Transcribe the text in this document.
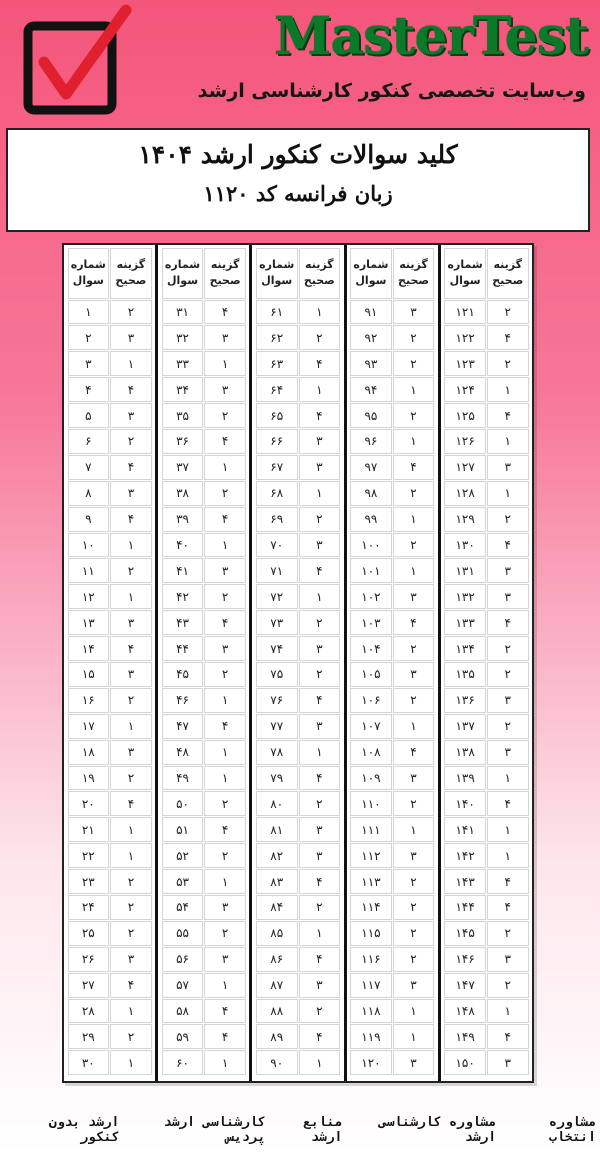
MasterTest

وب‌سایت تخصصی کنکور کارشناسی ارشد

کلید سوالات کنکور ارشد ۱۴۰۴
زبان فرانسه کد ۱۱۲۰
شماره سوال
گزینه صحیح
۱	۲
۲	۳
۳	۱
۴	۴
۵	۳
۶	۲
۷	۴
۸	۳
۹	۴
۱۰	۱
۱۱	۲
۱۲	۱
۱۳	۳
۱۴	۴
۱۵	۳
۱۶	۲
۱۷	۱
۱۸	۳
۱۹	۲
۲۰	۴
۲۱	۱
۲۲	۱
۲۳	۲
۲۴	۲
۲۵	۲
۲۶	۳
۲۷	۴
۲۸	۱
۲۹	۲
۳۰	۱
شماره سوال
گزینه صحیح
۳۱	۴
۳۲	۳
۳۳	۱
۳۴	۳
۳۵	۲
۳۶	۴
۳۷	۱
۳۸	۲
۳۹	۴
۴۰	۱
۴۱	۳
۴۲	۲
۴۳	۴
۴۴	۳
۴۵	۲
۴۶	۱
۴۷	۴
۴۸	۱
۴۹	۱
۵۰	۲
۵۱	۴
۵۲	۲
۵۳	۱
۵۴	۳
۵۵	۲
۵۶	۳
۵۷	۱
۵۸	۴
۵۹	۴
۶۰	۱
شماره سوال
گزینه صحیح
۶۱	۱
۶۲	۲
۶۳	۴
۶۴	۱
۶۵	۴
۶۶	۳
۶۷	۳
۶۸	۱
۶۹	۲
۷۰	۳
۷۱	۴
۷۲	۱
۷۳	۲
۷۴	۳
۷۵	۲
۷۶	۴
۷۷	۳
۷۸	۱
۷۹	۴
۸۰	۲
۸۱	۳
۸۲	۳
۸۳	۴
۸۴	۲
۸۵	۱
۸۶	۴
۸۷	۳
۸۸	۲
۸۹	۴
۹۰	۱
شماره سوال
گزینه صحیح
۹۱	۳
۹۲	۲
۹۳	۲
۹۴	۱
۹۵	۲
۹۶	۱
۹۷	۴
۹۸	۲
۹۹	۱
۱۰۰	۲
۱۰۱	۱
۱۰۲	۳
۱۰۳	۴
۱۰۴	۲
۱۰۵	۳
۱۰۶	۲
۱۰۷	۱
۱۰۸	۴
۱۰۹	۳
۱۱۰	۲
۱۱۱	۱
۱۱۲	۳
۱۱۳	۲
۱۱۴	۲
۱۱۵	۲
۱۱۶	۲
۱۱۷	۳
۱۱۸	۱
۱۱۹	۱
۱۲۰	۳
شماره سوال
گزینه صحیح
۱۲۱	۲
۱۲۲	۴
۱۲۳	۲
۱۲۴	۱
۱۲۵	۴
۱۲۶	۱
۱۲۷	۳
۱۲۸	۱
۱۲۹	۲
۱۳۰	۴
۱۳۱	۳
۱۳۲	۳
۱۳۳	۴
۱۳۴	۲
۱۳۵	۲
۱۳۶	۳
۱۳۷	۲
۱۳۸	۳
۱۳۹	۱
۱۴۰	۴
۱۴۱	۱
۱۴۲	۱
۱۴۳	۴
۱۴۴	۴
۱۴۵	۲
۱۴۶	۳
۱۴۷	۲
۱۴۸	۱
۱۴۹	۴
۱۵۰	۳
ارشد بدون کنکور
کارشناسی ارشد پردیس
منابع ارشد
مشاوره کارشناسی ارشد
مشاوره انتخاب
